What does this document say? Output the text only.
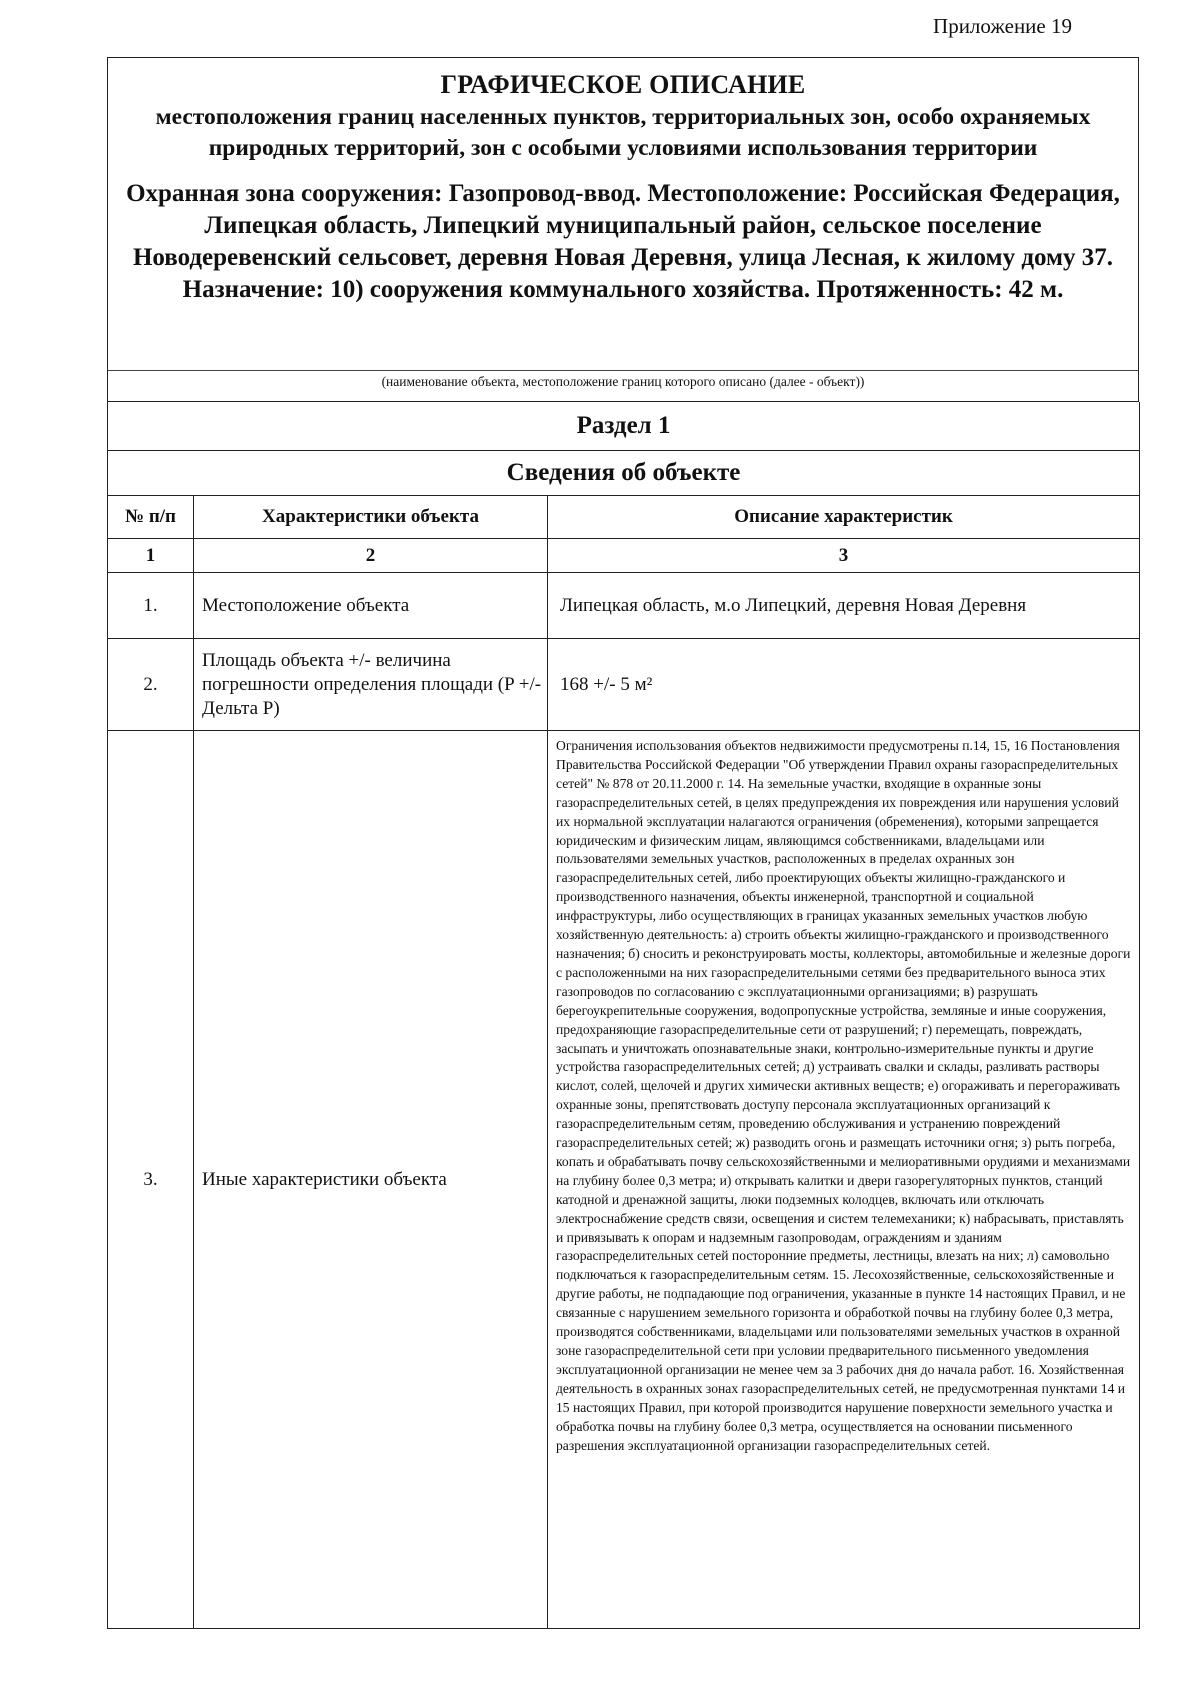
Приложение 19
ГРАФИЧЕСКОЕ ОПИСАНИЕ
местоположения границ населенных пунктов, территориальных зон, особо охраняемых природных территорий, зон с особыми условиями использования территории
Охранная зона сооружения: Газопровод-ввод. Местоположение: Российская Федерация, Липецкая область, Липецкий муниципальный район, сельское поселение Новодеревенский сельсовет, деревня Новая Деревня, улица Лесная, к жилому дому 37. Назначение: 10) сооружения коммунального хозяйства. Протяженность: 42 м.
(наименование объекта, местоположение границ которого описано (далее - объект))
Раздел 1		
Сведения об объекте		
№ п/п	Характеристики объекта	Описание характеристик
1	2	3
1.	Местоположение объекта	Липецкая область, м.о Липецкий, деревня Новая Деревня
2.	Площадь объекта +/- величина погрешности определения площади (P +/- Дельта P)	168 +/- 5 м²
3.	Иные характеристики объекта	Ограничения использования объектов недвижимости предусмотрены п.14, 15, 16 Постановления Правительства Российской Федерации "Об утверждении Правил охраны газораспределительных сетей" № 878 от 20.11.2000 г. 14. На земельные участки, входящие в охранные зоны газораспределительных сетей, в целях предупреждения их повреждения или нарушения условий их нормальной эксплуатации налагаются ограничения (обременения), которыми запрещается юридическим и физическим лицам, являющимся собственниками, владельцами или пользователями земельных участков, расположенных в пределах охранных зон газораспределительных сетей, либо проектирующих объекты жилищно-гражданского и производственного назначения, объекты инженерной, транспортной и социальной инфраструктуры, либо осуществляющих в границах указанных земельных участков любую хозяйственную деятельность: а) строить объекты жилищно-гражданского и производственного назначения; б) сносить и реконструировать мосты, коллекторы, автомобильные и железные дороги с расположенными на них газораспределительными сетями без предварительного выноса этих газопроводов по согласованию с эксплуатационными организациями; в) разрушать берегоукрепительные сооружения, водопропускные устройства, земляные и иные сооружения, предохраняющие газораспределительные сети от разрушений; г) перемещать, повреждать, засыпать и уничтожать опознавательные знаки, контрольно-измерительные пункты и другие устройства газораспределительных сетей; д) устраивать свалки и склады, разливать растворы кислот, солей, щелочей и других химически активных веществ; е) огораживать и перегораживать охранные зоны, препятствовать доступу персонала эксплуатационных организаций к газораспределительным сетям, проведению обслуживания и устранению повреждений газораспределительных сетей; ж) разводить огонь и размещать источники огня; з) рыть погреба, копать и обрабатывать почву сельскохозяйственными и мелиоративными орудиями и механизмами на глубину более 0,3 метра; и) открывать калитки и двери газорегуляторных пунктов, станций катодной и дренажной защиты, люки подземных колодцев, включать или отключать электроснабжение средств связи, освещения и систем телемеханики; к) набрасывать, приставлять и привязывать к опорам и надземным газопроводам, ограждениям и зданиям газораспределительных сетей посторонние предметы, лестницы, влезать на них; л) самовольно подключаться к газораспределительным сетям. 15. Лесохозяйственные, сельскохозяйственные и другие работы, не подпадающие под ограничения, указанные в пункте 14 настоящих Правил, и не связанные с нарушением земельного горизонта и обработкой почвы на глубину более 0,3 метра, производятся собственниками, владельцами или пользователями земельных участков в охранной зоне газораспределительной сети при условии предварительного письменного уведомления эксплуатационной организации не менее чем за 3 рабочих дня до начала работ. 16. Хозяйственная деятельность в охранных зонах газораспределительных сетей, не предусмотренная пунктами 14 и 15 настоящих Правил, при которой производится нарушение поверхности земельного участка и обработка почвы на глубину более 0,3 метра, осуществляется на основании письменного разрешения эксплуатационной организации газораспределительных сетей.
